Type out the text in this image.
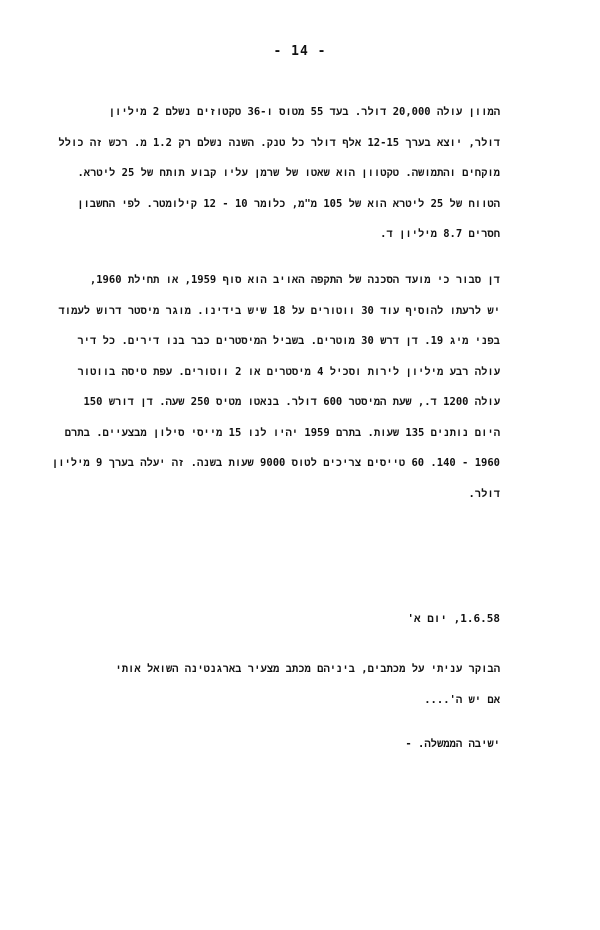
- 14 -
המוון עולה 20,000 דולר. בעד 55 מטוס ו-36 טקטוזים נשלם 2 מיליון
דולר, יוצא בערך 12-15 אלף דולר כל טנק. השנה נשלם רק 1.2 מ. רכש זה כולל
מוקחים והתמושה. טקטוון הוא שאטו של שרמן עליו קבוע תותח של 25 ליטרא.
הטווח של 25 ליטרא הוא של 105 מ"מ, כלומר 10 - 12 קילומטר. לפי החשבון
חסרים 8.7 מיליון ד.
דן סבור כי מועד הסכנה של התקפה האויב הוא סוף 1959, או תחילת 1960,
יש לרעתו להוסיף עוד 30 ווטורים על 18 שיש בידינו. מוגר מיסטר דרוש לעמוד
בפני מיג 19. דן דרש 30 מוטרים. בשביל המיסטרים כבר בנו דירים. כל דיר
עולה רבע מיליון לירות וסכיל 4 מיסטרים או 2 ווטורים. עפת טיסה בווטור
עולה 1200 ד., שעת המיסטר 600 דולר. בנאטו מטיס 250 שעה. דן דורש 150
היום נותנים 135 שעות. בתרם 1959 יהיו לנו 15 מייסי סילון מבצעיים. בתרם
1960 - 140. 60 טייסים צריכים לטוס 9000 שעות בשנה. זה יעלה בערך 9 מיליון
דולר.
1.6.58, יום א'
הבוקר עניתי על מכתבים, ביניהם מכתב מצעיר בארגנטינה השואל אותי
אם יש ה'....
ישיבה הממשלה. -
